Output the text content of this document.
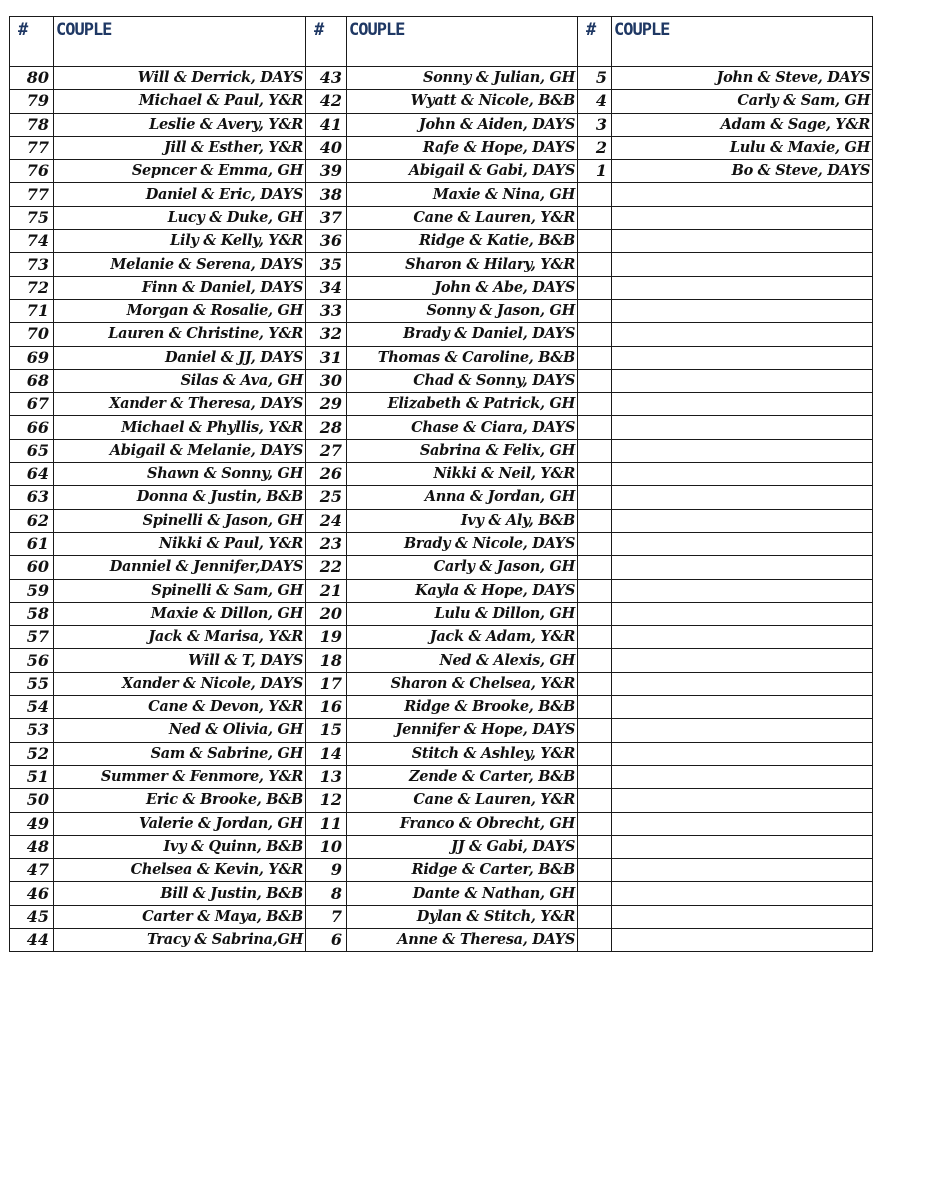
#	COUPLE	#	COUPLE	#	COUPLE
80	Will & Derrick, DAYS	43	Sonny & Julian, GH	5	John & Steve, DAYS
79	Michael & Paul, Y&R	42	Wyatt & Nicole, B&B	4	Carly & Sam, GH
78	Leslie & Avery, Y&R	41	John & Aiden, DAYS	3	Adam & Sage, Y&R
77	Jill & Esther, Y&R	40	Rafe & Hope, DAYS	2	Lulu & Maxie, GH
76	Sepncer & Emma, GH	39	Abigail & Gabi, DAYS	1	Bo & Steve, DAYS
77	Daniel & Eric, DAYS	38	Maxie & Nina, GH		
75	Lucy & Duke, GH	37	Cane & Lauren, Y&R		
74	Lily & Kelly, Y&R	36	Ridge & Katie, B&B		
73	Melanie & Serena, DAYS	35	Sharon & Hilary, Y&R		
72	Finn & Daniel, DAYS	34	John & Abe, DAYS		
71	Morgan & Rosalie, GH	33	Sonny & Jason, GH		
70	Lauren & Christine, Y&R	32	Brady & Daniel, DAYS		
69	Daniel & JJ, DAYS	31	Thomas & Caroline, B&B		
68	Silas & Ava, GH	30	Chad & Sonny, DAYS		
67	Xander & Theresa, DAYS	29	Elizabeth & Patrick, GH		
66	Michael & Phyllis, Y&R	28	Chase & Ciara, DAYS		
65	Abigail & Melanie, DAYS	27	Sabrina & Felix, GH		
64	Shawn & Sonny, GH	26	Nikki & Neil, Y&R		
63	Donna & Justin, B&B	25	Anna & Jordan, GH		
62	Spinelli & Jason, GH	24	Ivy & Aly, B&B		
61	Nikki & Paul, Y&R	23	Brady & Nicole, DAYS		
60	Danniel & Jennifer,DAYS	22	Carly & Jason, GH		
59	Spinelli & Sam, GH	21	Kayla & Hope, DAYS		
58	Maxie & Dillon, GH	20	Lulu & Dillon, GH		
57	Jack & Marisa, Y&R	19	Jack & Adam, Y&R		
56	Will & T, DAYS	18	Ned & Alexis, GH		
55	Xander & Nicole, DAYS	17	Sharon & Chelsea, Y&R		
54	Cane & Devon, Y&R	16	Ridge & Brooke, B&B		
53	Ned & Olivia, GH	15	Jennifer & Hope, DAYS		
52	Sam & Sabrine, GH	14	Stitch & Ashley, Y&R		
51	Summer & Fenmore, Y&R	13	Zende & Carter, B&B		
50	Eric & Brooke, B&B	12	Cane & Lauren, Y&R		
49	Valerie & Jordan, GH	11	Franco & Obrecht, GH		
48	Ivy & Quinn, B&B	10	JJ & Gabi, DAYS		
47	Chelsea & Kevin, Y&R	9	Ridge & Carter, B&B		
46	Bill & Justin, B&B	8	Dante & Nathan, GH		
45	Carter & Maya, B&B	7	Dylan & Stitch, Y&R		
44	Tracy & Sabrina,GH	6	Anne & Theresa, DAYS		
